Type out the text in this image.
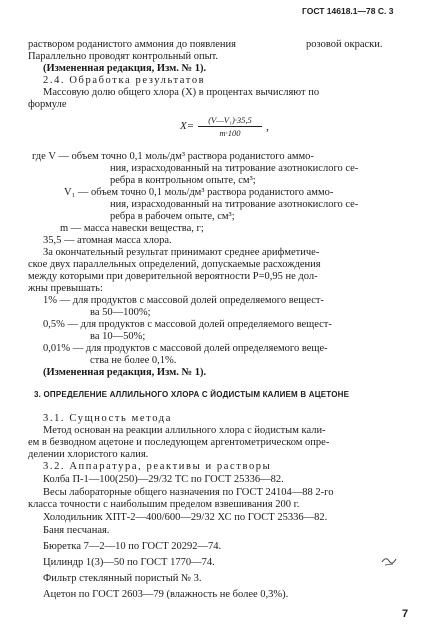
ГОСТ 14618.1—78 С. 3
раствором роданистого аммония до появления	розовой окраски.
Параллельно проводят контрольный опыт.
(Измененная редакция, Изм. № 1).
2.4. Обработка результатов
Массовую долю общего хлора (X) в процентах вычисляют по
формуле
$X= \frac{\text{(V—V₁)·35,5}}{m\cdot 100}$ ,
где V — объем точно 0,1 моль/дм³ раствора роданистого аммо-
ния, израсходованный на титрование азотнокислого се-
ребра в контрольном опыте, см³;
V₁ — объем точно 0,1 моль/дм³ раствора роданистого аммо-
ния, израсходованный на титрование азотнокислого се-
ребра в рабочем опыте, см³;
m — масса навески вещества, г;
35,5 — атомная масса хлора.
За окончательный результат принимают среднее арифметиче-
ское двух параллельных определений, допускаемые расхождения
между которыми при доверительной вероятности P=0,95 не дол-
жны превышать:
1% — для продуктов с массовой долей определяемого вещест-
ва 50—100%;
0,5% — для продуктов с массовой долей определяемого вещест-
ва 10—50%;
0,01% — для продуктов с массовой долей определяемого веще-
ства не более 0,1%.
(Измененная редакция, Изм. № 1).
3. ОПРЕДЕЛЕНИЕ АЛЛИЛЬНОГО ХЛОРА С ЙОДИСТЫМ КАЛИЕМ В АЦЕТОНЕ
3.1. Сущность метода
Метод основан на реакции аллильного хлора с йодистым кали-
ем в безводном ацетоне и последующем аргентометрическом опре-
делении хлористого калия.
3.2. Аппаратура, реактивы и растворы
Колба П-1—100(250)—29/32 ТС по ГОСТ 25336—82.
Весы лабораторные общего назначения по ГОСТ 24104—88 2-го
класса точности с наибольшим пределом взвешивания 200 г.
Холодильник ХПТ-2—400/600—29/32 ХС по ГОСТ 25336—82.
Баня песчаная.
Бюретка 7—2—10 по ГОСТ 20292—74.
Цилиндр 1(3)—50 по ГОСТ 1770—74.
Фильтр стеклянный пористый № 3.
Ацетон по ГОСТ 2603—79 (влажность не более 0,3%).
7
